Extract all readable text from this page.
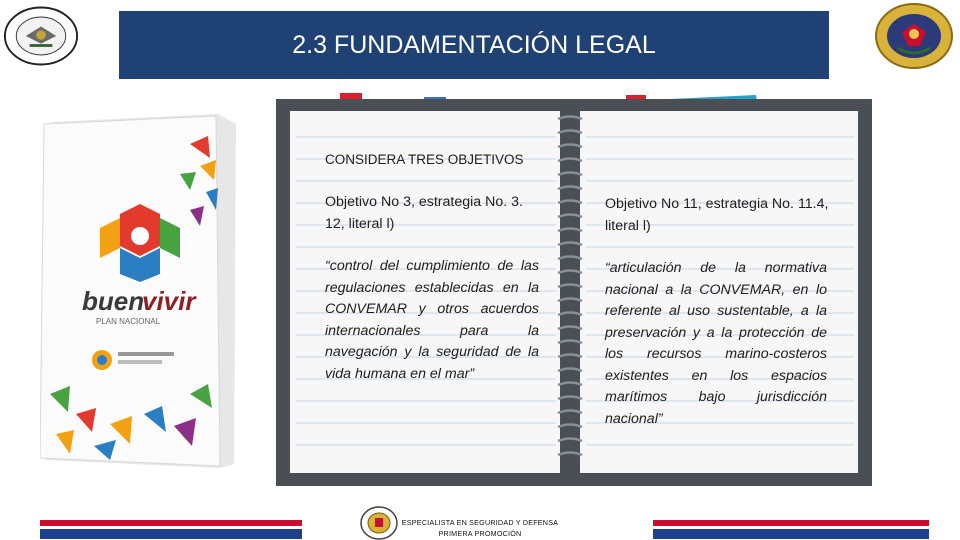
2.3 FUNDAMENTACIÓN LEGAL
buen
vivir
PLAN NACIONAL
CONSIDERA TRES OBJETIVOS
Objetivo No 3, estrategia No. 3. 12, literal l)
Objetivo No 11, estrategia No. 11.4, literal l)
“control del cumplimiento de las regulaciones establecidas en la CONVEMAR y otros acuerdos internacionales para la navegación y la seguridad de la vida humana en el mar”
“articulación de la normativa nacional a la CONVEMAR, en lo referente al uso sustentable, a la preservación y a la protección de los recursos marino-costeros existentes en los espacios marítimos bajo jurisdicción nacional”
ESPECIALISTA EN SEGURIDAD Y DEFENSA
PRIMERA PROMOCIÓN
